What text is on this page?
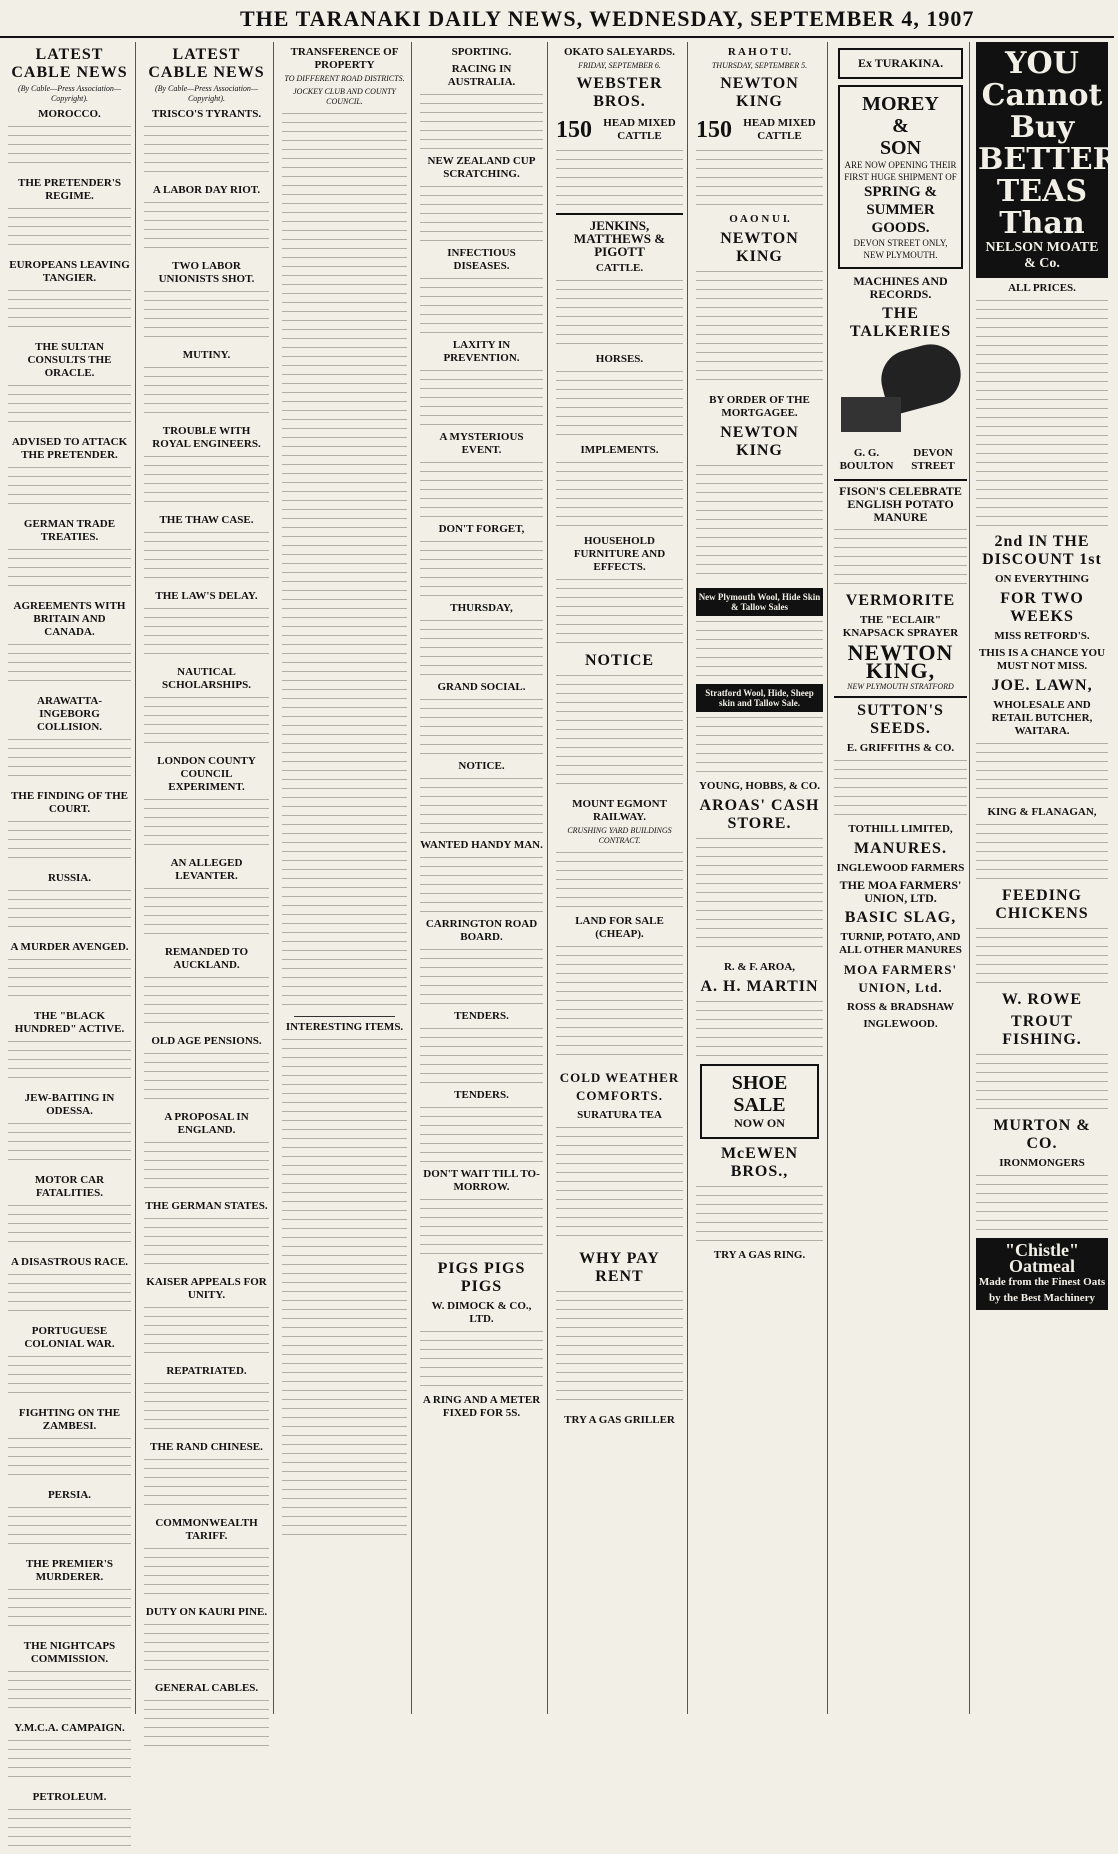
THE TARANAKI DAILY NEWS, WEDNESDAY, SEPTEMBER 4, 1907
LATEST CABLE NEWS
(By Cable—Press Association—Copyright).
MOROCCO.
THE PRETENDER'S REGIME.
EUROPEANS LEAVING TANGIER.
THE SULTAN CONSULTS THE ORACLE.
ADVISED TO ATTACK THE PRETENDER.
GERMAN TRADE TREATIES.
AGREEMENTS WITH BRITAIN AND CANADA.
ARAWATTA-INGEBORG COLLISION.
THE FINDING OF THE COURT.
RUSSIA.
A MURDER AVENGED.
THE "BLACK HUNDRED" ACTIVE.
JEW-BAITING IN ODESSA.
MOTOR CAR FATALITIES.
A DISASTROUS RACE.
PORTUGUESE COLONIAL WAR.
FIGHTING ON THE ZAMBESI.
PERSIA.
THE PREMIER'S MURDERER.
THE NIGHTCAPS COMMISSION.
Y.M.C.A. CAMPAIGN.
PETROLEUM.
LATEST CABLE NEWS
(By Cable—Press Association—Copyright).
TRISCO'S TYRANTS.
A LABOR DAY RIOT.
TWO LABOR UNIONISTS SHOT.
MUTINY.
TROUBLE WITH ROYAL ENGINEERS.
THE THAW CASE.
THE LAW'S DELAY.
NAUTICAL SCHOLARSHIPS.
LONDON COUNTY COUNCIL EXPERIMENT.
AN ALLEGED LEVANTER.
REMANDED TO AUCKLAND.
OLD AGE PENSIONS.
A PROPOSAL IN ENGLAND.
THE GERMAN STATES.
KAISER APPEALS FOR UNITY.
REPATRIATED.
THE RAND CHINESE.
COMMONWEALTH TARIFF.
DUTY ON KAURI PINE.
GENERAL CABLES.
TRANSFERENCE OF PROPERTY
TO DIFFERENT ROAD DISTRICTS.
JOCKEY CLUB AND COUNTY COUNCIL.
INTERESTING ITEMS.
SPORTING.
RACING IN AUSTRALIA.
NEW ZEALAND CUP SCRATCHING.
INFECTIOUS DISEASES.
LAXITY IN PREVENTION.
A MYSTERIOUS EVENT.
DON'T FORGET,
THURSDAY,
GRAND SOCIAL.
NOTICE.
WANTED HANDY MAN.
CARRINGTON ROAD BOARD.
TENDERS.
TENDERS.
DON'T WAIT TILL TO-MORROW.
PIGS PIGS PIGS
W. DIMOCK & CO., LTD.
A RING AND A METER FIXED FOR 5S.
OKATO SALEYARDS.
FRIDAY, SEPTEMBER 6.
WEBSTER BROS.
150	HEAD MIXED CATTLE
JENKINS, MATTHEWS & PIGOTT
CATTLE.
HORSES.
IMPLEMENTS.
HOUSEHOLD FURNITURE AND EFFECTS.
NOTICE
MOUNT EGMONT RAILWAY.
CRUSHING YARD BUILDINGS CONTRACT.
LAND FOR SALE (CHEAP).
COLD WEATHER COMFORTS.
SURATURA TEA
WHY PAY RENT
TRY A GAS GRILLER
R A H O T U.
THURSDAY, SEPTEMBER 5.
NEWTON KING
150	HEAD MIXED CATTLE
O A O N U I.
NEWTON KING
BY ORDER OF THE MORTGAGEE.
NEWTON KING
New Plymouth Wool, Hide Skin & Tallow Sales
Stratford Wool, Hide, Sheep skin and Tallow Sale.
YOUNG, HOBBS, & CO.
AROAS' CASH STORE.
R. & F. AROA,
A. H. MARTIN
SHOE SALE
NOW ON
McEWEN BROS.,
TRY A GAS RING.
Ex TURAKINA.
MOREY
&
SON
ARE NOW OPENING THEIR FIRST HUGE SHIPMENT OF
SPRING & SUMMER GOODS.
DEVON STREET ONLY, NEW PLYMOUTH.
MACHINES AND RECORDS.
THE TALKERIES
G. G. BOULTON
DEVON STREET
FISON'S CELEBRATE ENGLISH POTATO MANURE
VERMORITE
THE "ECLAIR" KNAPSACK SPRAYER
NEWTON KING,
NEW PLYMOUTH STRATFORD
SUTTON'S SEEDS.
E. GRIFFITHS & CO.
TOTHILL LIMITED,
MANURES.
INGLEWOOD FARMERS
THE MOA FARMERS' UNION, LTD.
BASIC SLAG,
TURNIP, POTATO, AND ALL OTHER MANURES
MOA FARMERS' UNION, Ltd.
ROSS & BRADSHAW
INGLEWOOD.
YOU
Cannot
Buy
BETTER
TEAS
Than
NELSON MOATE & Co.
ALL PRICES.
2nd IN THE DISCOUNT 1st
ON EVERYTHING
FOR TWO WEEKS
MISS RETFORD'S.
THIS IS A CHANCE YOU MUST NOT MISS.
JOE. LAWN,
WHOLESALE AND RETAIL BUTCHER, WAITARA.
KING & FLANAGAN,
FEEDING CHICKENS
W. ROWE
TROUT FISHING.
MURTON & CO.
IRONMONGERS
"Chistle"
Oatmeal
Made from the Finest Oats by the Best Machinery
